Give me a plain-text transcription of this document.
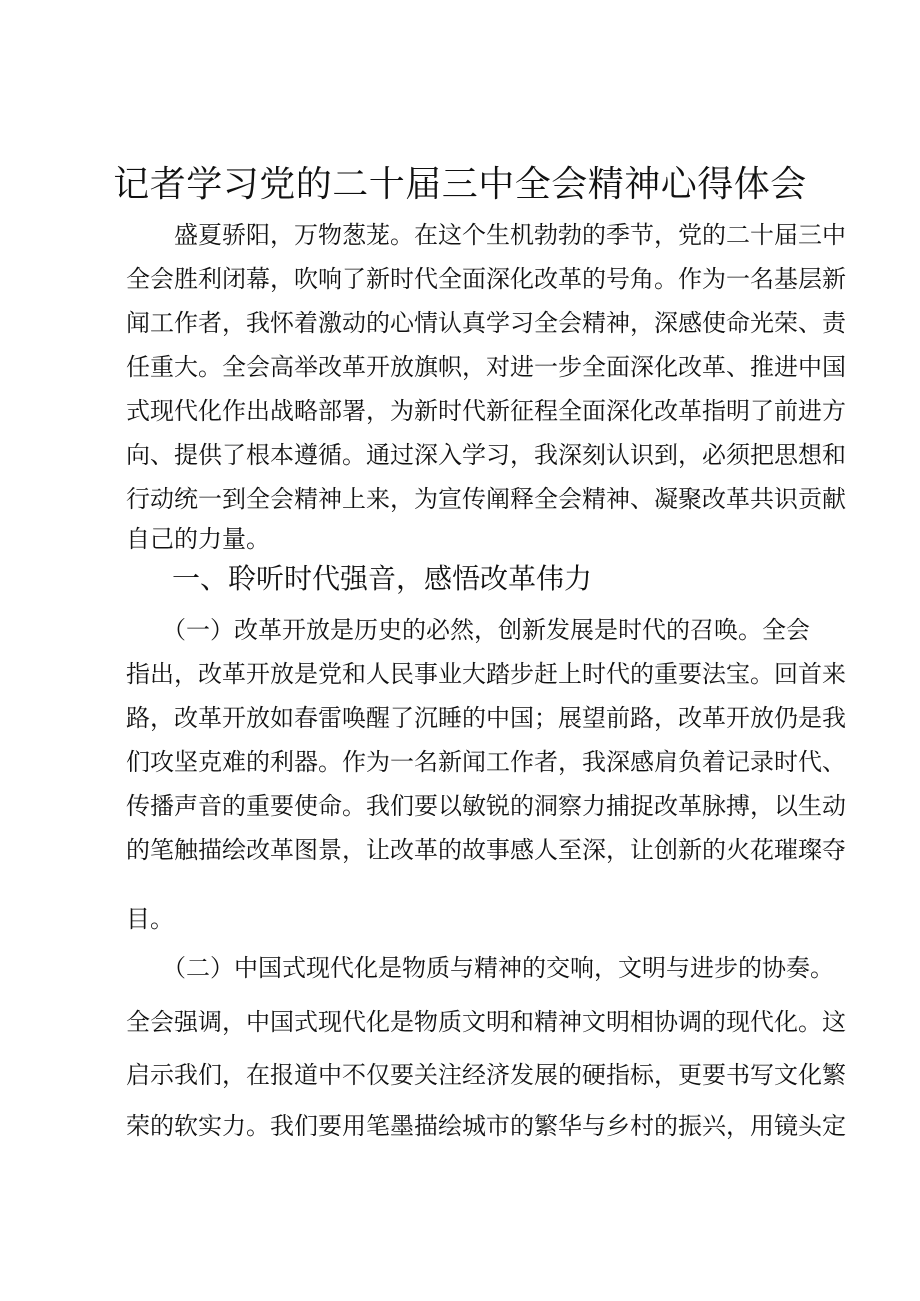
记者学习党的二十届三中全会精神心得体会
　　盛夏骄阳，万物葱茏。在这个生机勃勃的季节，党的二十届三中
全会胜利闭幕，吹响了新时代全面深化改革的号角。作为一名基层新
闻工作者，我怀着激动的心情认真学习全会精神，深感使命光荣、责
任重大。全会高举改革开放旗帜，对进一步全面深化改革、推进中国
式现代化作出战略部署，为新时代新征程全面深化改革指明了前进方
向、提供了根本遵循。通过深入学习，我深刻认识到，必须把思想和
行动统一到全会精神上来，为宣传阐释全会精神、凝聚改革共识贡献
自己的力量。
一、聆听时代强音，感悟改革伟力
　　（一）改革开放是历史的必然，创新发展是时代的召唤。全会
指出，改革开放是党和人民事业大踏步赶上时代的重要法宝。回首来
路，改革开放如春雷唤醒了沉睡的中国；展望前路，改革开放仍是我
们攻坚克难的利器。作为一名新闻工作者，我深感肩负着记录时代、
传播声音的重要使命。我们要以敏锐的洞察力捕捉改革脉搏，以生动
的笔触描绘改革图景，让改革的故事感人至深，让创新的火花璀璨夺
目。
　　（二）中国式现代化是物质与精神的交响，文明与进步的协奏。
全会强调，中国式现代化是物质文明和精神文明相协调的现代化。这
启示我们，在报道中不仅要关注经济发展的硬指标，更要书写文化繁
荣的软实力。我们要用笔墨描绘城市的繁华与乡村的振兴，用镜头定
